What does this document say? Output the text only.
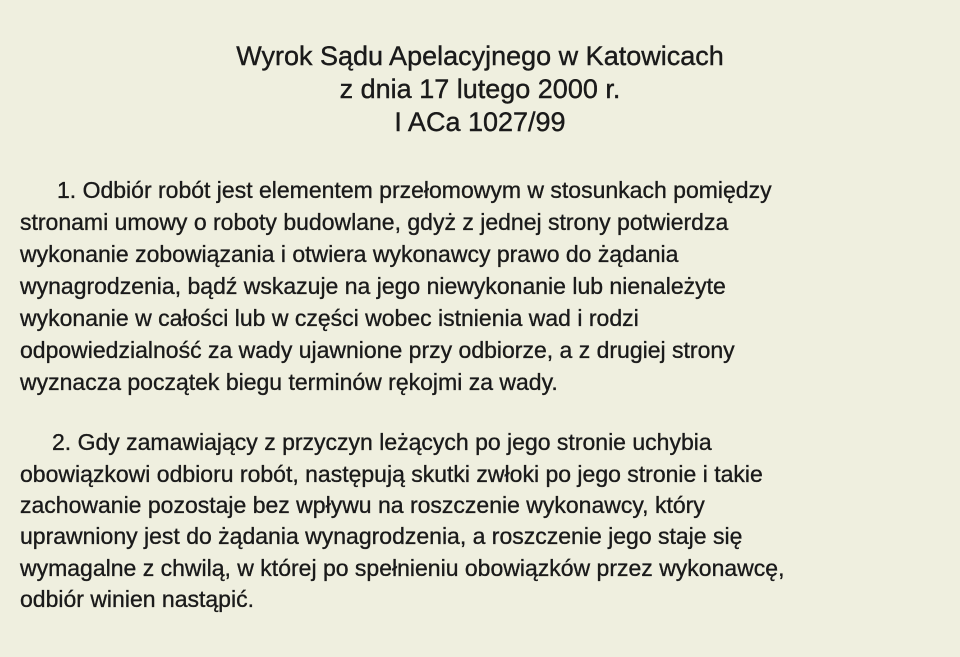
Wyrok Sądu Apelacyjnego w Katowicach
z dnia 17 lutego 2000 r.
I ACa 1027/99
1. Odbiór robót jest elementem przełomowym w stosunkach pomiędzy
stronami umowy o roboty budowlane, gdyż z jednej strony potwierdza
wykonanie zobowiązania i otwiera wykonawcy prawo do żądania
wynagrodzenia, bądź wskazuje na jego niewykonanie lub nienależyte
wykonanie w całości lub w części wobec istnienia wad i rodzi
odpowiedzialność za wady ujawnione przy odbiorze, a z drugiej strony
wyznacza początek biegu terminów rękojmi za wady.
2. Gdy zamawiający z przyczyn leżących po jego stronie uchybia
obowiązkowi odbioru robót, następują skutki zwłoki po jego stronie i takie
zachowanie pozostaje bez wpływu na roszczenie wykonawcy, który
uprawniony jest do żądania wynagrodzenia, a roszczenie jego staje się
wymagalne z chwilą, w której po spełnieniu obowiązków przez wykonawcę,
odbiór winien nastąpić.
